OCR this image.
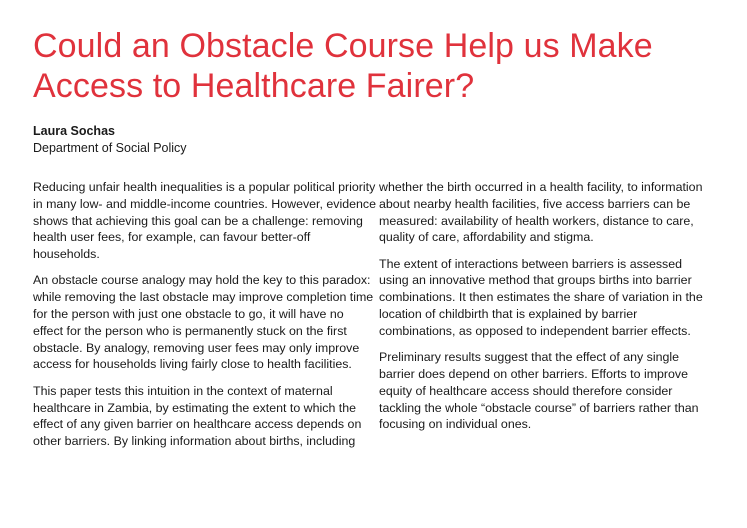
Could an Obstacle Course Help us Make Access to Healthcare Fairer?

Laura Sochas

Department of Social Policy

Reducing unfair health inequalities is a popular political priority in many low- and middle-income countries. However, evidence shows that achieving this goal can be a challenge: removing health user fees, for example, can favour better-off households.

An obstacle course analogy may hold the key to this paradox: while removing the last obstacle may improve completion time for the person with just one obstacle to go, it will have no effect for the person who is permanently stuck on the first obstacle. By analogy, removing user fees may only improve access for households living fairly close to health facilities.

This paper tests this intuition in the context of maternal healthcare in Zambia, by estimating the extent to which the effect of any given barrier on healthcare access depends on other barriers. By linking information about births, including

whether the birth occurred in a health facility, to information about nearby health facilities, five access barriers can be measured: availability of health workers, distance to care, quality of care, affordability and stigma.

The extent of interactions between barriers is assessed using an innovative method that groups births into barrier combinations. It then estimates the share of variation in the location of childbirth that is explained by barrier combinations, as opposed to independent barrier effects.

Preliminary results suggest that the effect of any single barrier does depend on other barriers. Efforts to improve equity of healthcare access should therefore consider tackling the whole “obstacle course” of barriers rather than focusing on individual ones.
